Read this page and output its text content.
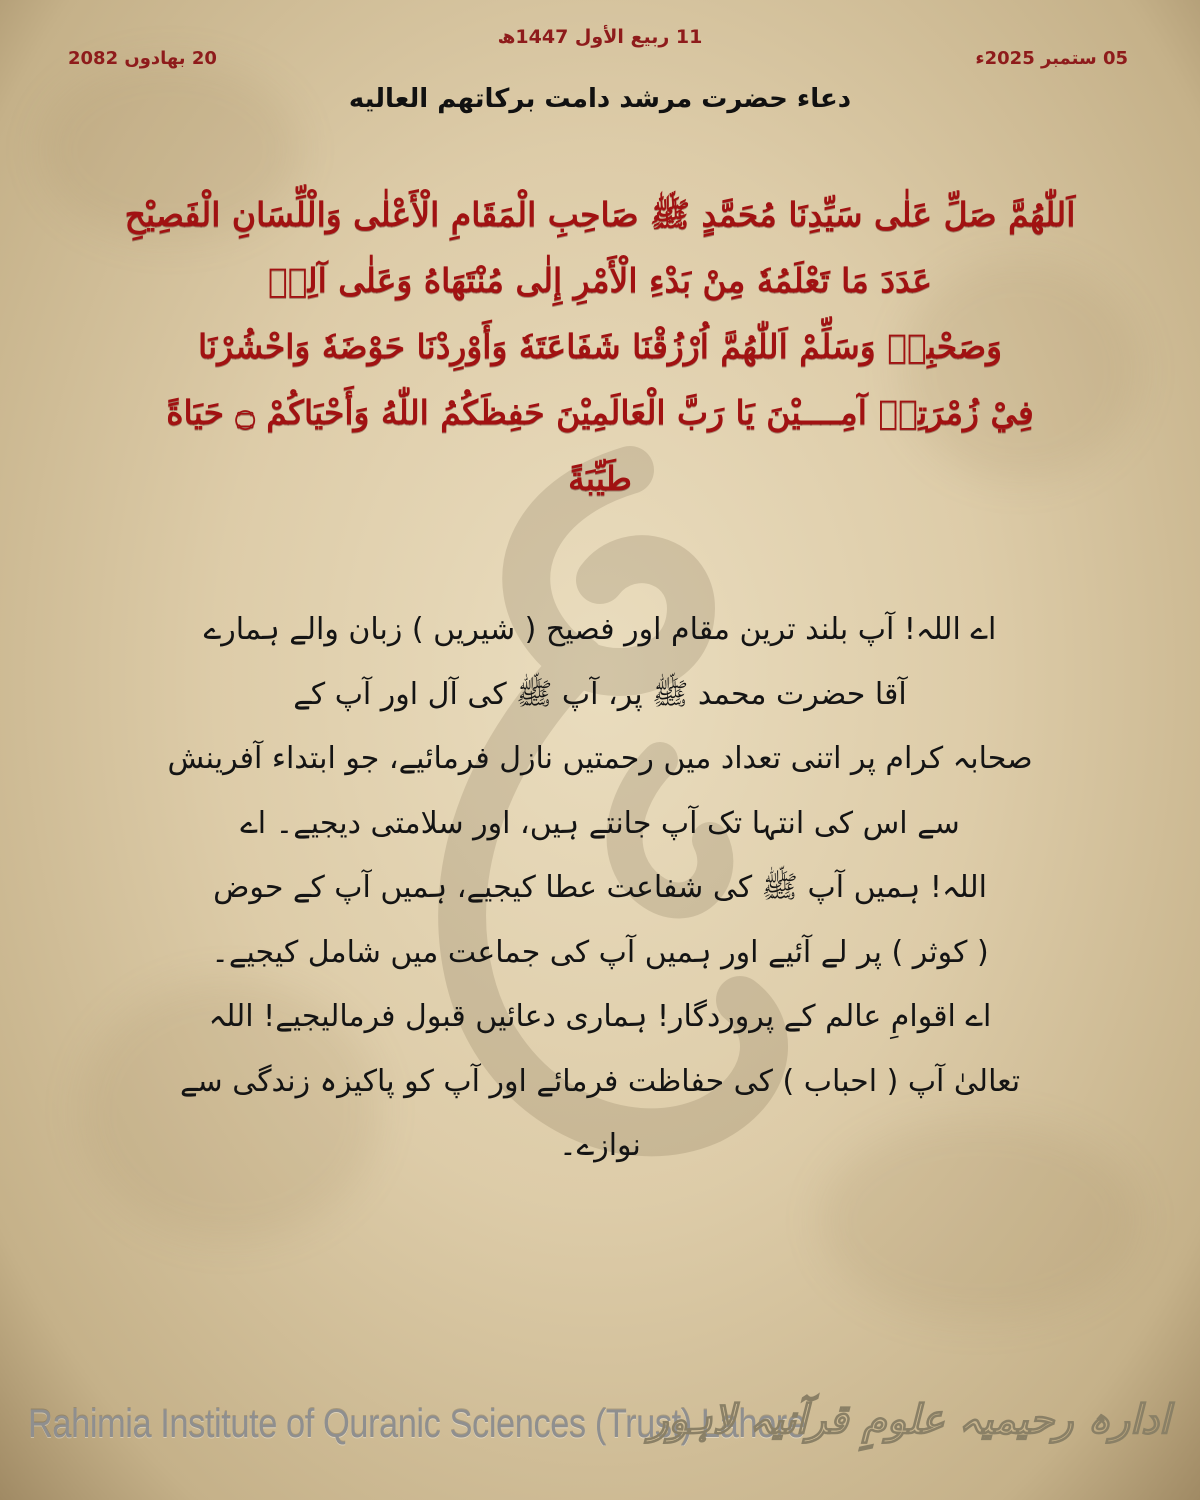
11 ربیع الأول 1447ھ
05 ستمبر 2025ء
20 بھادوں 2082
دعاء حضرت مرشد دامت برکاتھم العالیه
اَللّٰهُمَّ صَلِّ عَلٰى سَيِّدِنَا مُحَمَّدٍ ﷺ صَاحِبِ الْمَقَامِ الْأَعْلٰى وَالْلِّسَانِ الْفَصِيْحِ
عَدَدَ مَا تَعْلَمُهٗ مِنْ بَدْءِ الْأَمْرِ إِلٰى مُنْتَهَاهُ وَعَلٰى آلِهٖ
وَصَحْبِهٖ وَسَلِّمْ اَللّٰهُمَّ اُرْزُقْنَا شَفَاعَتَهٗ وَأَوْرِدْنَا حَوْضَهٗ وَاحْشُرْنَا
فِيْ زُمْرَتِهٖ آمِــــيْنَ يَا رَبَّ الْعَالَمِيْنَ حَفِظَكُمُ اللّٰهُ وَأَحْيَاكُمْ ۝ حَيَاةً
طَيِّبَةً
اے اللہ! آپ بلند ترین مقام اور فصیح ( شیریں ) زبان والے ہمارے
آقا حضرت محمد ﷺ پر، آپ ﷺ کی آل اور آپ کے
صحابہ کرام پر اتنی تعداد میں رحمتیں نازل فرمائیے، جو ابتداء آفرینش
سے اس کی انتہا تک آپ جانتے ہیں، اور سلامتی دیجیے۔ اے
اللہ! ہمیں آپ ﷺ کی شفاعت عطا کیجیے، ہمیں آپ کے حوض
( کوثر ) پر لے آئیے اور ہمیں آپ کی جماعت میں شامل کیجیے۔
اے اقوامِ عالم کے پروردگار! ہماری دعائیں قبول فرمالیجیے! اللہ
تعالیٰ آپ ( احباب ) کی حفاظت فرمائے اور آپ کو پاکیزہ زندگی سے
نوازے۔
Rahimia Institute of Quranic Sciences (Trust) Lahore
ادارہ رحیمیہ علومِ قرآنیہ لاہور
